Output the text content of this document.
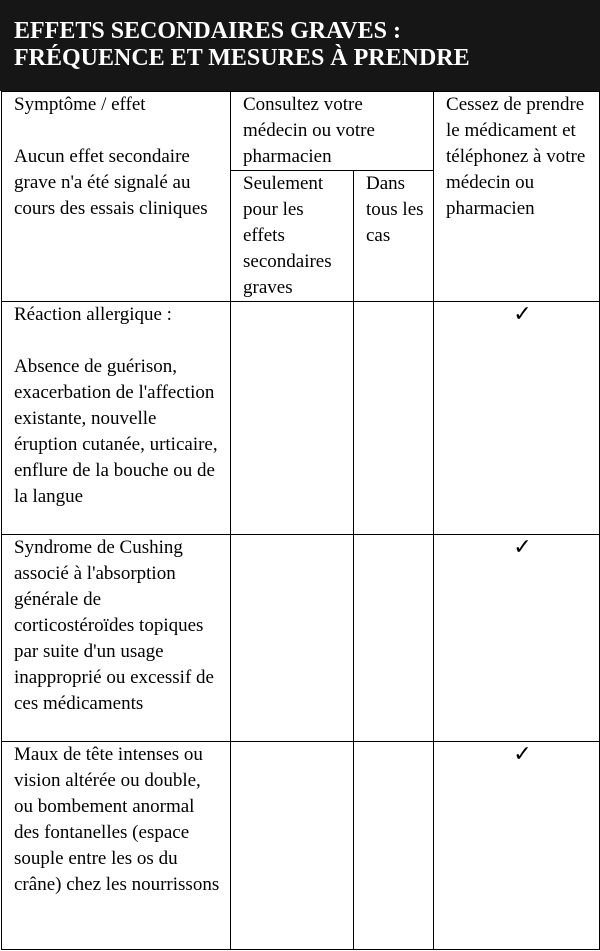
EFFETS SECONDAIRES GRAVES :
FRÉQUENCE ET MESURES À PRENDRE
Symptôme / effet
Aucun effet secondaire grave n'a été signalé au cours des essais cliniques	Consultez votre médecin ou votre pharmacien		Cessez de prendre le médicament et téléphonez à votre médecin ou pharmacien
	Seulement pour les effets secondaires graves	Dans tous les cas	
Réaction allergique :
Absence de guérison, exacerbation de l'affection existante, nouvelle éruption cutanée, urticaire, enflure de la bouche ou de la langue			✓
Syndrome de Cushing associé à l'absorption générale de corticostéroïdes topiques par suite d'un usage inapproprié ou excessif de ces médicaments			✓
Maux de tête intenses ou vision altérée ou double, ou bombement anormal des fontanelles (espace souple entre les os du crâne) chez les nourrissons			✓
